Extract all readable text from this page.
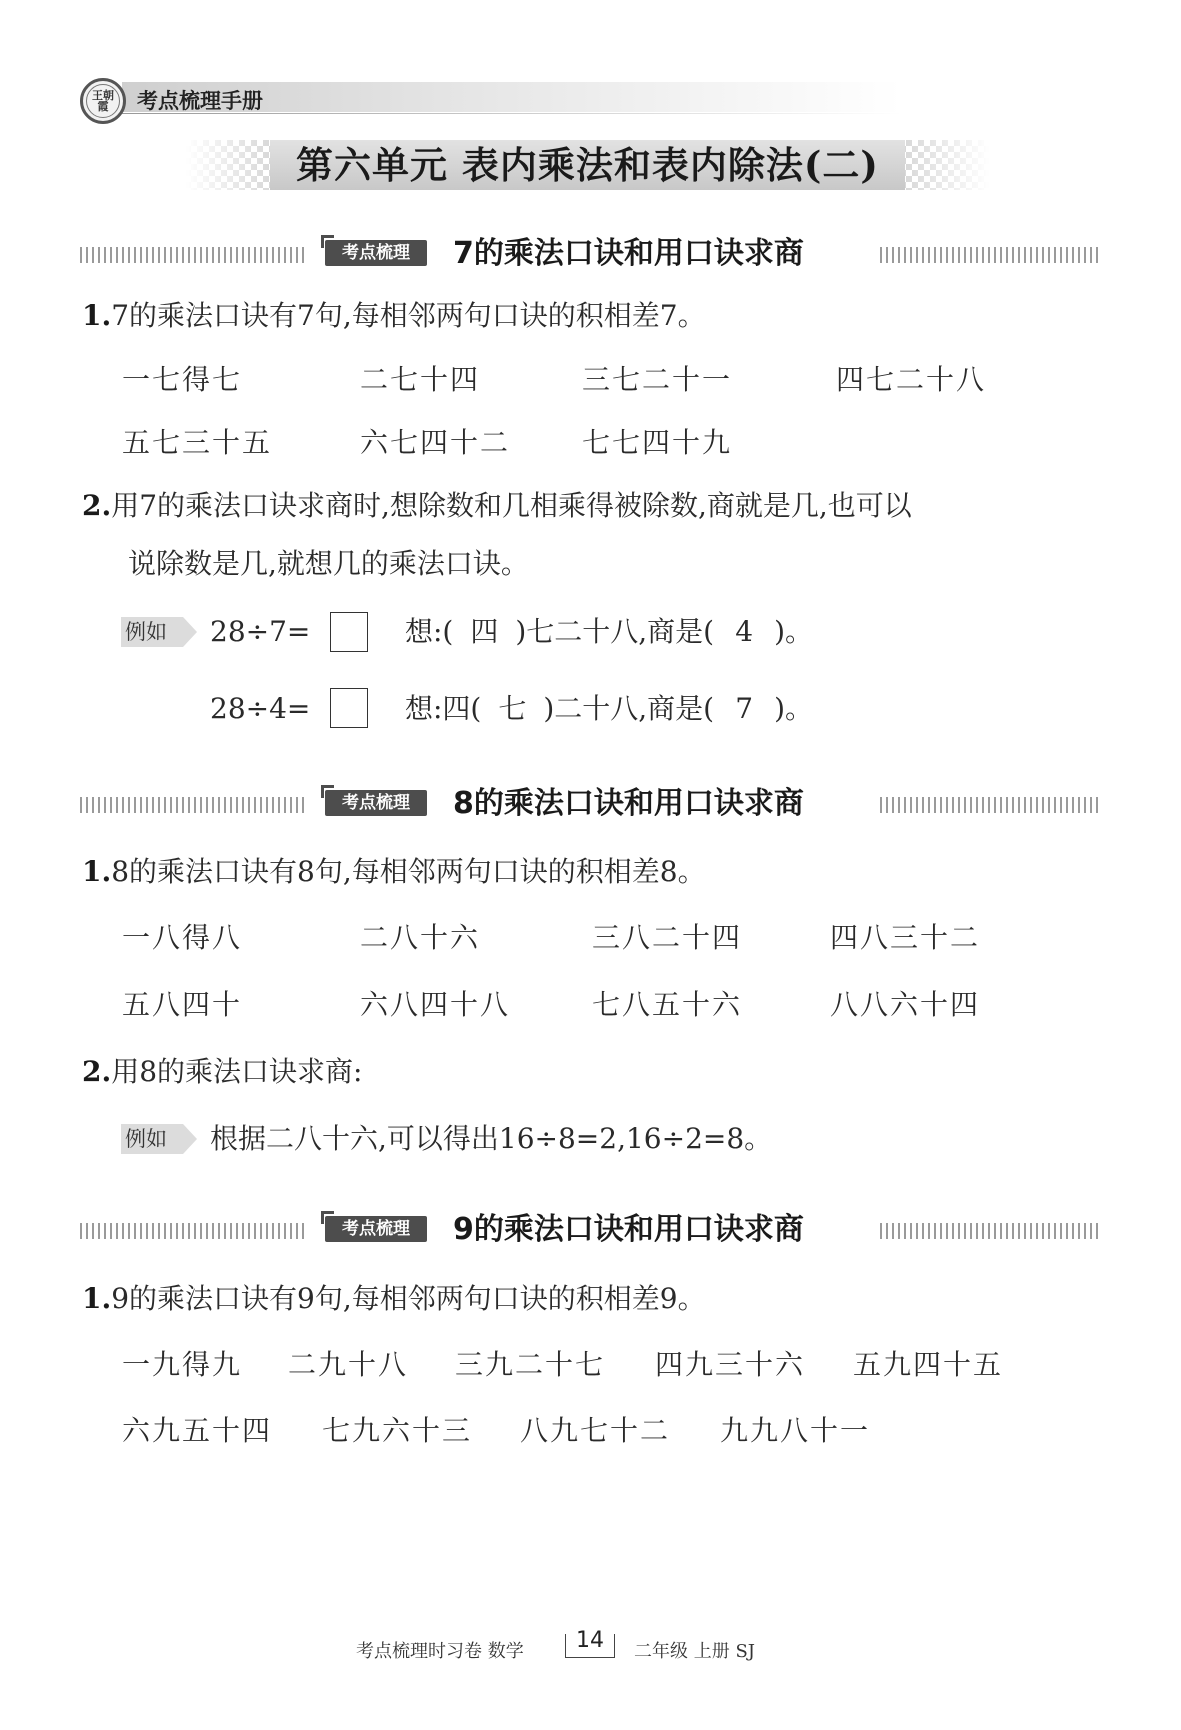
王朝霞	考点梳理手册
第六单元 表内乘法和表内除法(二)
考点梳理	7的乘法口诀和用口诀求商
1.7的乘法口诀有7句,每相邻两句口诀的积相差7。
一七得七	二七十四	三七二十一	四七二十八
五七三十五	六七四十二	七七四十九
2.用7的乘法口诀求商时,想除数和几相乘得被除数,商就是几,也可以
说除数是几,就想几的乘法口诀。
例如	28÷7=	想:( 四 )七二十八,商是( 4 )。
28÷4=	想:四( 七 )二十八,商是( 7 )。
考点梳理	8的乘法口诀和用口诀求商
1.8的乘法口诀有8句,每相邻两句口诀的积相差8。
一八得八	二八十六	三八二十四	四八三十二
五八四十	六八四十八	七八五十六	八八六十四
2.用8的乘法口诀求商:
例如	根据二八十六,可以得出16÷8=2,16÷2=8。
考点梳理	9的乘法口诀和用口诀求商
1.9的乘法口诀有9句,每相邻两句口诀的积相差9。
一九得九 二九十八 三九二十七 四九三十六 五九四十五
六九五十四 七九六十三 八九七十二 九九八十一
考点梳理时习卷 数学	14	二年级 上册 SJ
